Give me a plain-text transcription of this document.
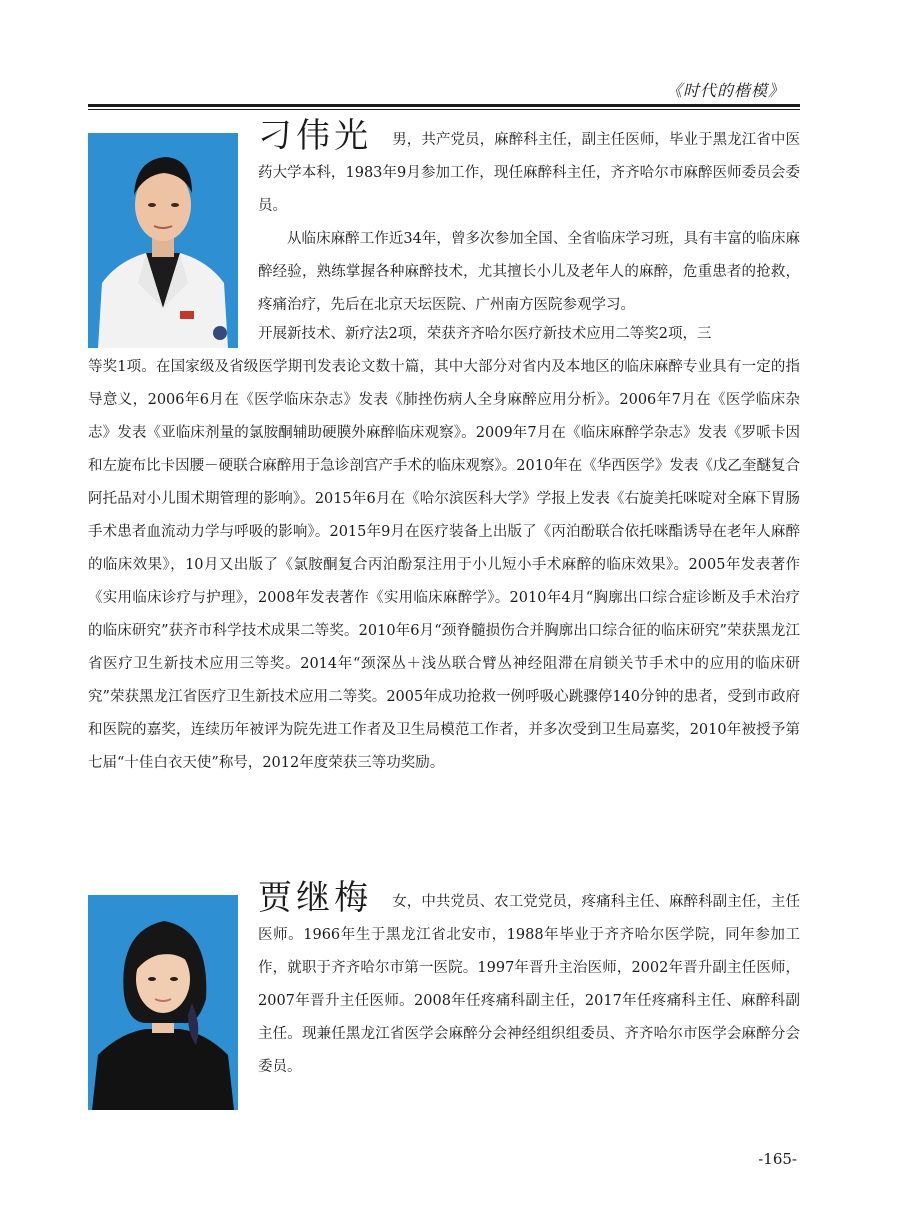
《时代的楷模》

刁伟光 男，共产党员，麻醉科主任，副主任医师，毕业于黑龙江省中医药大学本科，1983年9月参加工作，现任麻醉科主任，齐齐哈尔市麻醉医师委员会委员。

从临床麻醉工作近34年，曾多次参加全国、全省临床学习班，具有丰富的临床麻醉经验，熟练掌握各种麻醉技术，尤其擅长小儿及老年人的麻醉，危重患者的抢救，疼痛治疗，先后在北京天坛医院、广州南方医院参观学习。

开展新技术、新疗法2项，荣获齐齐哈尔医疗新技术应用二等奖2项，三

等奖1项。在国家级及省级医学期刊发表论文数十篇，其中大部分对省内及本地区的临床麻醉专业具有一定的指导意义，2006年6月在《医学临床杂志》发表《肺挫伤病人全身麻醉应用分析》。2006年7月在《医学临床杂志》发表《亚临床剂量的氯胺酮辅助硬膜外麻醉临床观察》。2009年7月在《临床麻醉学杂志》发表《罗哌卡因和左旋布比卡因腰－硬联合麻醉用于急诊剖宫产手术的临床观察》。2010年在《华西医学》发表《戊乙奎醚复合阿托品对小儿围术期管理的影响》。2015年6月在《哈尔滨医科大学》学报上发表《右旋美托咪啶对全麻下胃肠手术患者血流动力学与呼吸的影响》。2015年9月在医疗装备上出版了《丙泊酚联合依托咪酯诱导在老年人麻醉的临床效果》，10月又出版了《氯胺酮复合丙泊酚泵注用于小儿短小手术麻醉的临床效果》。2005年发表著作《实用临床诊疗与护理》，2008年发表著作《实用临床麻醉学》。2010年4月“胸廓出口综合症诊断及手术治疗的临床研究”获齐市科学技术成果二等奖。2010年6月“颈脊髓损伤合并胸廓出口综合征的临床研究”荣获黑龙江省医疗卫生新技术应用三等奖。2014年“颈深丛＋浅丛联合臂丛神经阻滞在肩锁关节手术中的应用的临床研究”荣获黑龙江省医疗卫生新技术应用二等奖。2005年成功抢救一例呼吸心跳骤停140分钟的患者，受到市政府和医院的嘉奖，连续历年被评为院先进工作者及卫生局模范工作者，并多次受到卫生局嘉奖，2010年被授予第七届“十佳白衣天使”称号，2012年度荣获三等功奖励。

贾继梅 女，中共党员、农工党党员，疼痛科主任、麻醉科副主任，主任医师。1966年生于黑龙江省北安市，1988年毕业于齐齐哈尔医学院，同年参加工作，就职于齐齐哈尔市第一医院。1997年晋升主治医师，2002年晋升副主任医师，2007年晋升主任医师。2008年任疼痛科副主任，2017年任疼痛科主任、麻醉科副主任。现兼任黑龙江省医学会麻醉分会神经组织组委员、齐齐哈尔市医学会麻醉分会委员。

-165-
